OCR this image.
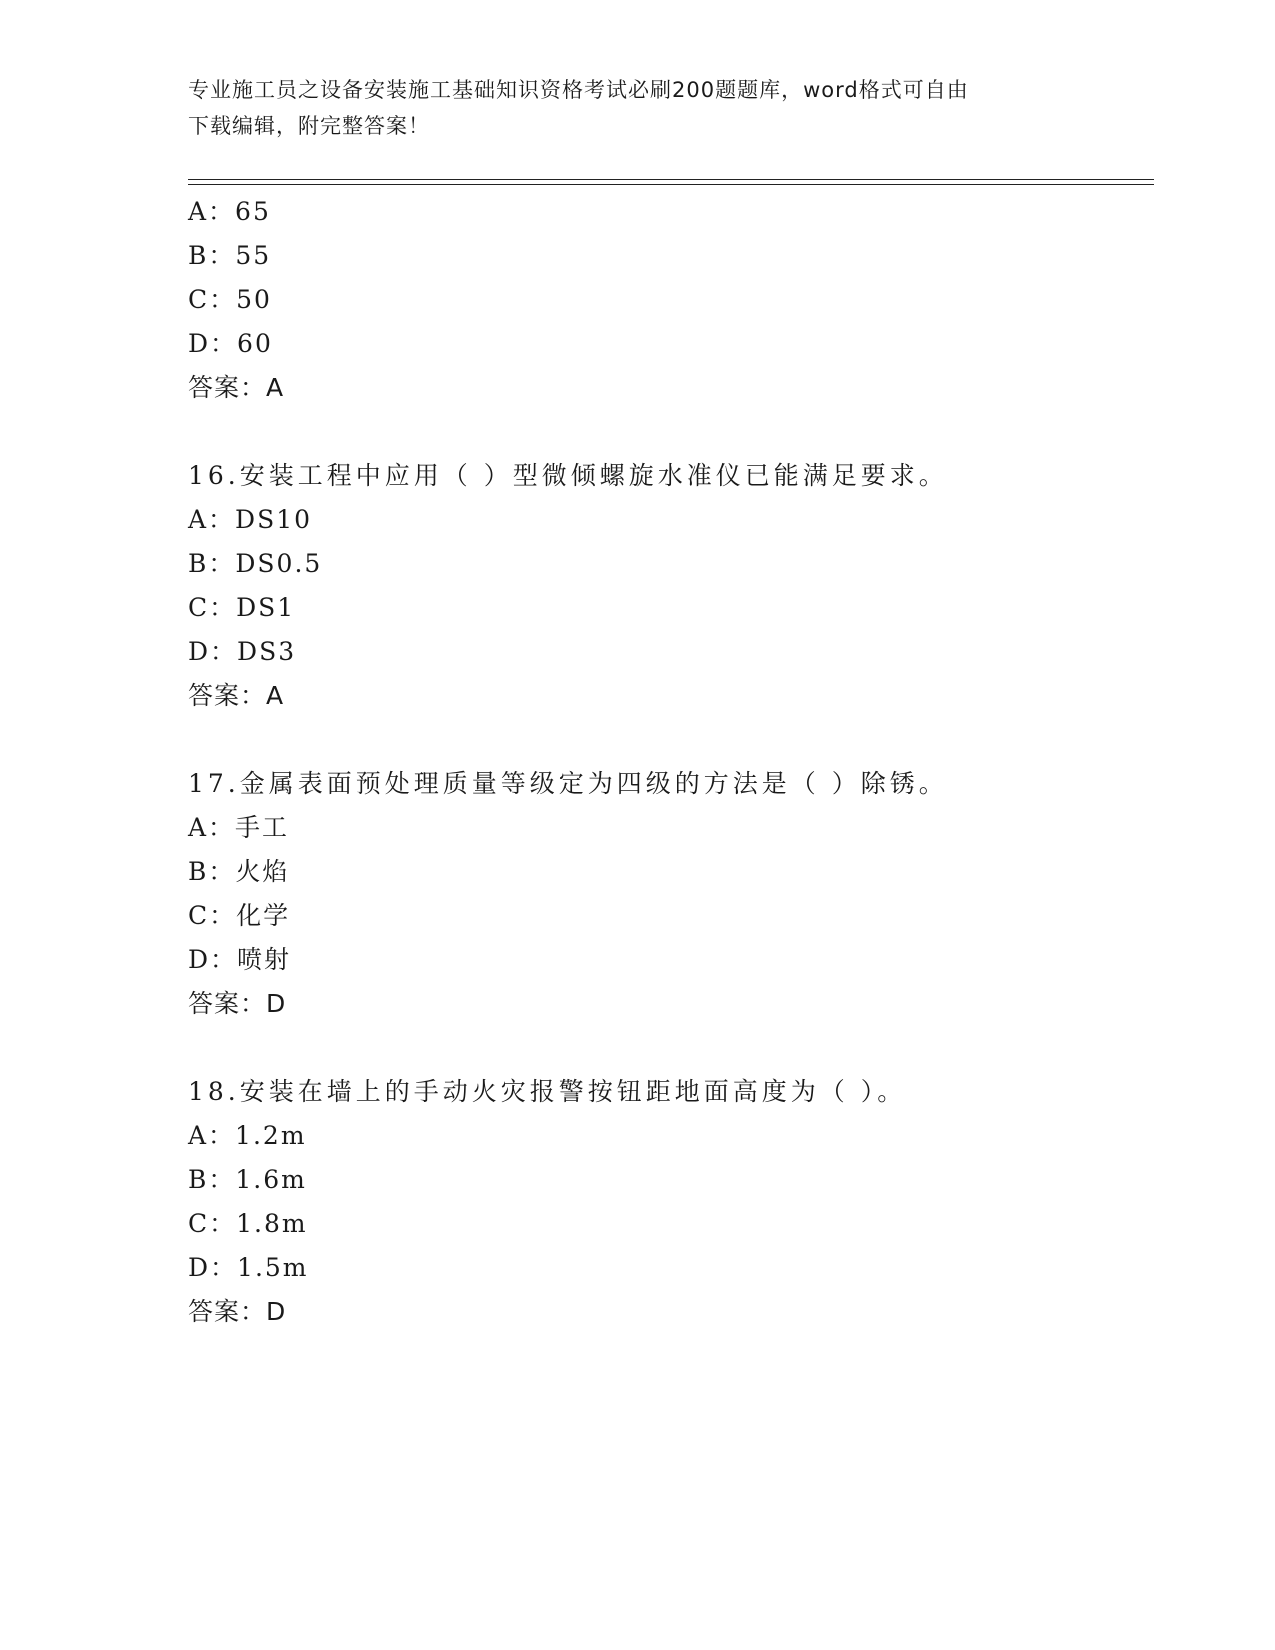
专业施工员之设备安装施工基础知识资格考试必刷200题题库，word格式可自由
下载编辑，附完整答案！
A：65
B：55
C：50
D：60
答案：A
16.安装工程中应用（ ）型微倾螺旋水准仪已能满足要求。
A：DS10
B：DS0.5
C：DS1
D：DS3
答案：A
17.金属表面预处理质量等级定为四级的方法是（ ）除锈。
A：手工
B：火焰
C：化学
D：喷射
答案：D
18.安装在墙上的手动火灾报警按钮距地面高度为（ ）。
A：1.2m
B：1.6m
C：1.8m
D：1.5m
答案：D
